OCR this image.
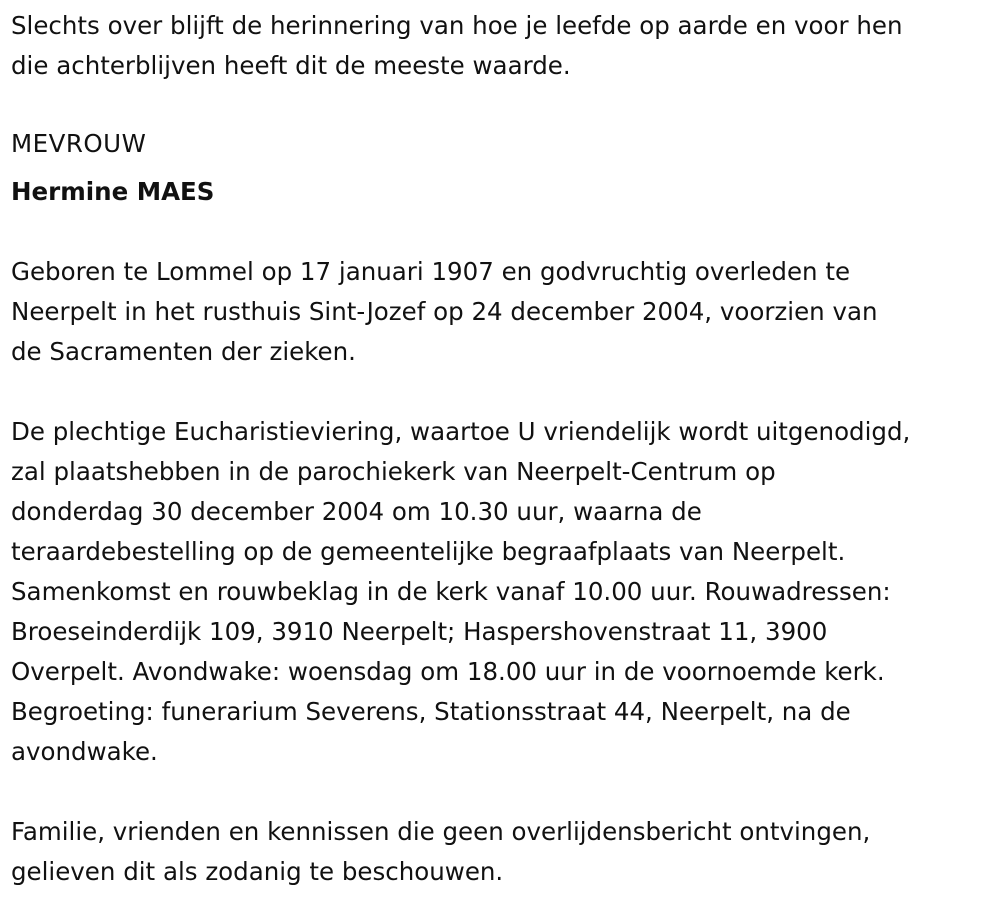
Slechts over blijft de herinnering van hoe je leefde op aarde en voor hen
die achterblijven heeft dit de meeste waarde.

MEVROUW

Hermine MAES

Geboren te Lommel op 17 januari 1907 en godvruchtig overleden te
Neerpelt in het rusthuis Sint-Jozef op 24 december 2004, voorzien van
de Sacramenten der zieken.
De plechtige Eucharistieviering, waartoe U vriendelijk wordt uitgenodigd,
zal plaatshebben in de parochiekerk van Neerpelt-Centrum op
donderdag 30 december 2004 om 10.30 uur, waarna de
teraardebestelling op de gemeentelijke begraafplaats van Neerpelt.
Samenkomst en rouwbeklag in de kerk vanaf 10.00 uur. Rouwadressen:
Broeseinderdijk 109, 3910 Neerpelt; Haspershovenstraat 11, 3900
Overpelt. Avondwake: woensdag om 18.00 uur in de voornoemde kerk.
Begroeting: funerarium Severens, Stationsstraat 44, Neerpelt, na de
avondwake.
Familie, vrienden en kennissen die geen overlijdensbericht ontvingen,
gelieven dit als zodanig te beschouwen.
